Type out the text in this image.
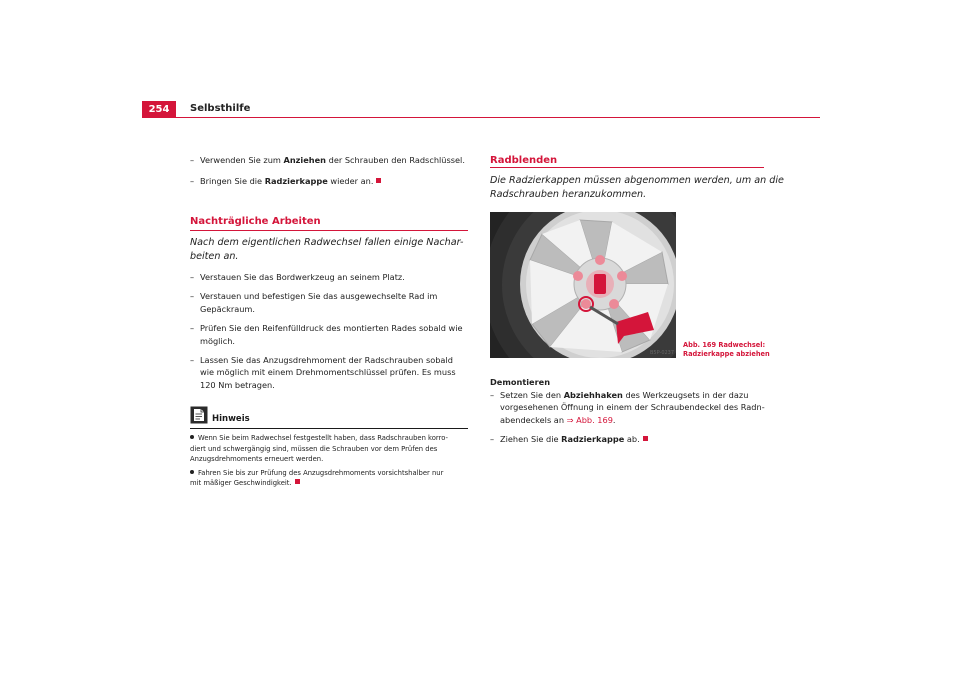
254	Selbsthilfe
– Verwenden Sie zum Anziehen der Schrauben den Radschlüssel.
– Bringen Sie die Radzierkappe wieder an.
Nachträgliche Arbeiten
Nach dem eigentlichen Radwechsel fallen einige Nachar-
beiten an.
– Verstauen Sie das Bordwerkzeug an seinem Platz.
– Verstauen und befestigen Sie das ausgewechselte Rad im
Gepäckraum.
– Prüfen Sie den Reifenfülldruck des montierten Rades sobald wie
möglich.
– Lassen Sie das Anzugsdrehmoment der Radschrauben sobald
wie möglich mit einem Drehmomentschlüssel prüfen. Es muss
120 Nm betragen.
Hinweis
Wenn Sie beim Radwechsel festgestellt haben, dass Radschrauben korro-
diert und schwergängig sind, müssen die Schrauben vor dem Prüfen des
Anzugsdrehmoments erneuert werden.
Fahren Sie bis zur Prüfung des Anzugsdrehmoments vorsichtshalber nur
mit mäßiger Geschwindigkeit.
Radblenden
Die Radzierkappen müssen abgenommen werden, um an die
Radschrauben heranzukommen.
B5P-0237
Abb. 169 Radwechsel:
Radzierkappe abziehen
Demontieren
– Setzen Sie den Abziehhaken des Werkzeugsets in der dazu
vorgesehenen Öffnung in einem der Schraubendeckel des Radn-
abendeckels an ⇒ Abb. 169.
– Ziehen Sie die Radzierkappe ab.
